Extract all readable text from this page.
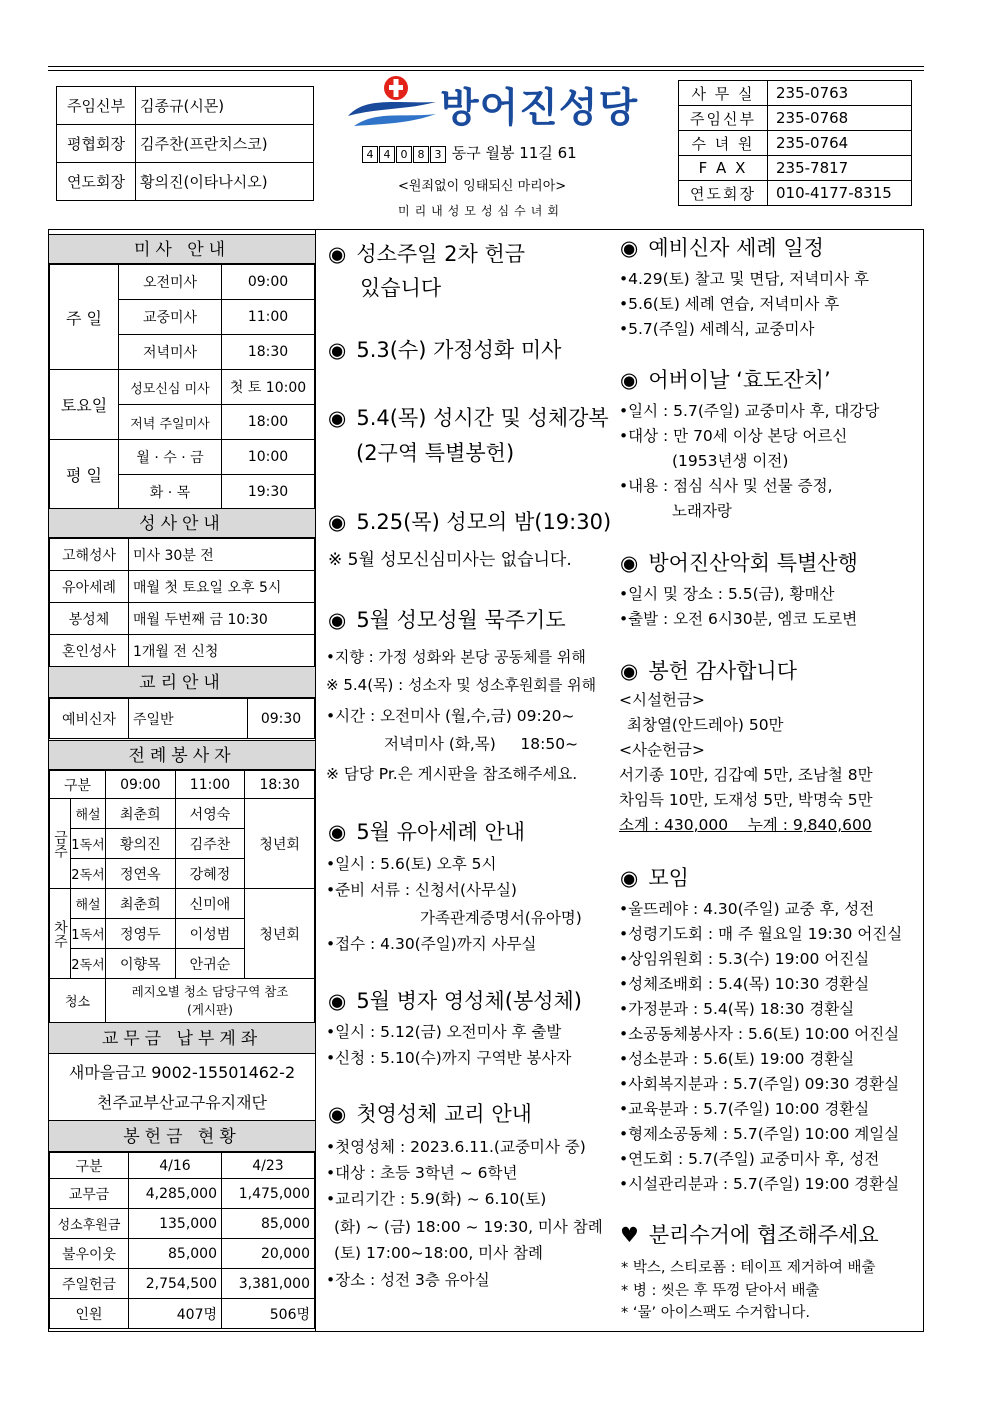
주임신부	김종규(시몬)
평협회장	김주찬(프란치스코)
연도회장	황의진(이타나시오)
방어진성당
4 4 0 8 3 동구 월봉 11길 61
<원죄없이 잉태되신 마리아>
미리내성모성심수녀회
사 무 실	235-0763
주임신부	235-0768
수 녀 원	235-0764
F A X	235-7817
연도회장	010-4177-8315
미사 안내
주 일	오전미사	09:00
	교중미사	11:00
	저녁미사	18:30
토요일	성모신심 미사	첫 토 10:00
	저녁 주일미사	18:00
평 일	월 · 수 · 금	10:00
	화 · 목	19:30
성사안내
고해성사	미사 30분 전
유아세례	매월 첫 토요일 오후 5시
봉성체	매월 두번째 금 10:30
혼인성사	1개월 전 신청
교리안내
예비신자	주일반	09:30
전례봉사자
구분		09:00	11:00	18:30
금주	해설	최춘희	서영숙	청년회
	1독서	황의진	김주찬	
	2독서	정연옥	강혜정	
차주	해설	최춘희	신미애	청년회
	1독서	정영두	이성범	
	2독서	이향목	안귀순	
청소		레지오별 청소 담당구역 참조
(게시판)		
교무금 납부계좌
새마을금고 9002-15501462-2
천주교부산교구유지재단
봉헌금 현황
구분	4/16	4/23
교무금	4,285,000	1,475,000
성소후원금	135,000	85,000
불우이웃	85,000	20,000
주일헌금	2,754,500	3,381,000
인원	407명	506명
◉ 성소주일 2차 헌금
있습니다
◉ 5.3(수) 가정성화 미사
◉ 5.4(목) 성시간 및 성체강복
(2구역 특별봉헌)
◉ 5.25(목) 성모의 밤(19:30)
※ 5월 성모신심미사는 없습니다.
◉ 5월 성모성월 묵주기도
•지향 : 가정 성화와 본당 공동체를 위해
※ 5.4(목) : 성소자 및 성소후원회를 위해
•시간 : 오전미사 (월,수,금) 09:20~
저녁미사 (화,목)     18:50~
※ 담당 Pr.은 게시판을 참조해주세요.
◉ 5월 유아세례 안내
•일시 : 5.6(토) 오후 5시
•준비 서류 : 신청서(사무실)
가족관계증명서(유아명)
•접수 : 4.30(주일)까지 사무실
◉ 5월 병자 영성체(봉성체)
•일시 : 5.12(금) 오전미사 후 출발
•신청 : 5.10(수)까지 구역반 봉사자
◉ 첫영성체 교리 안내
•첫영성체 : 2023.6.11.(교중미사 중)
•대상 : 초등 3학년 ~ 6학년
•교리기간 : 5.9(화) ~ 6.10(토)
(화) ~ (금) 18:00 ~ 19:30, 미사 참례
(토) 17:00~18:00, 미사 참례
•장소 : 성전 3층 유아실
◉ 예비신자 세례 일정
•4.29(토) 찰고 및 면담, 저녁미사 후
•5.6(토) 세례 연습, 저녁미사 후
•5.7(주일) 세례식, 교중미사
◉ 어버이날 ‘효도잔치’
•일시 : 5.7(주일) 교중미사 후, 대강당
•대상 : 만 70세 이상 본당 어르신
(1953년생 이전)
•내용 : 점심 식사 및 선물 증정,
노래자랑
◉ 방어진산악회 특별산행
•일시 및 장소 : 5.5(금), 황매산
•출발 : 오전 6시30분, 엠코 도로변
◉ 봉헌 감사합니다
<시설헌금>
최창열(안드레아) 50만
<사순헌금>
서기종 10만, 김갑예 5만, 조남철 8만
차임득 10만, 도재성 5만, 박명숙 5만
소계 : 430,000    누계 : 9,840,600
◉ 모임
•울뜨레야 : 4.30(주일) 교중 후, 성전
•성령기도회 : 매 주 월요일 19:30 어진실
•상임위원회 : 5.3(수) 19:00 어진실
•성체조배회 : 5.4(목) 10:30 경환실
•가정분과 : 5.4(목) 18:30 경환실
•소공동체봉사자 : 5.6(토) 10:00 어진실
•성소분과 : 5.6(토) 19:00 경환실
•사회복지분과 : 5.7(주일) 09:30 경환실
•교육분과 : 5.7(주일) 10:00 경환실
•형제소공동체 : 5.7(주일) 10:00 계일실
•연도회 : 5.7(주일) 교중미사 후, 성전
•시설관리분과 : 5.7(주일) 19:00 경환실
♥ 분리수거에 협조해주세요
* 박스, 스티로폼 : 테이프 제거하여 배출
* 병 : 씻은 후 뚜껑 닫아서 배출
* ‘물’ 아이스팩도 수거합니다.
